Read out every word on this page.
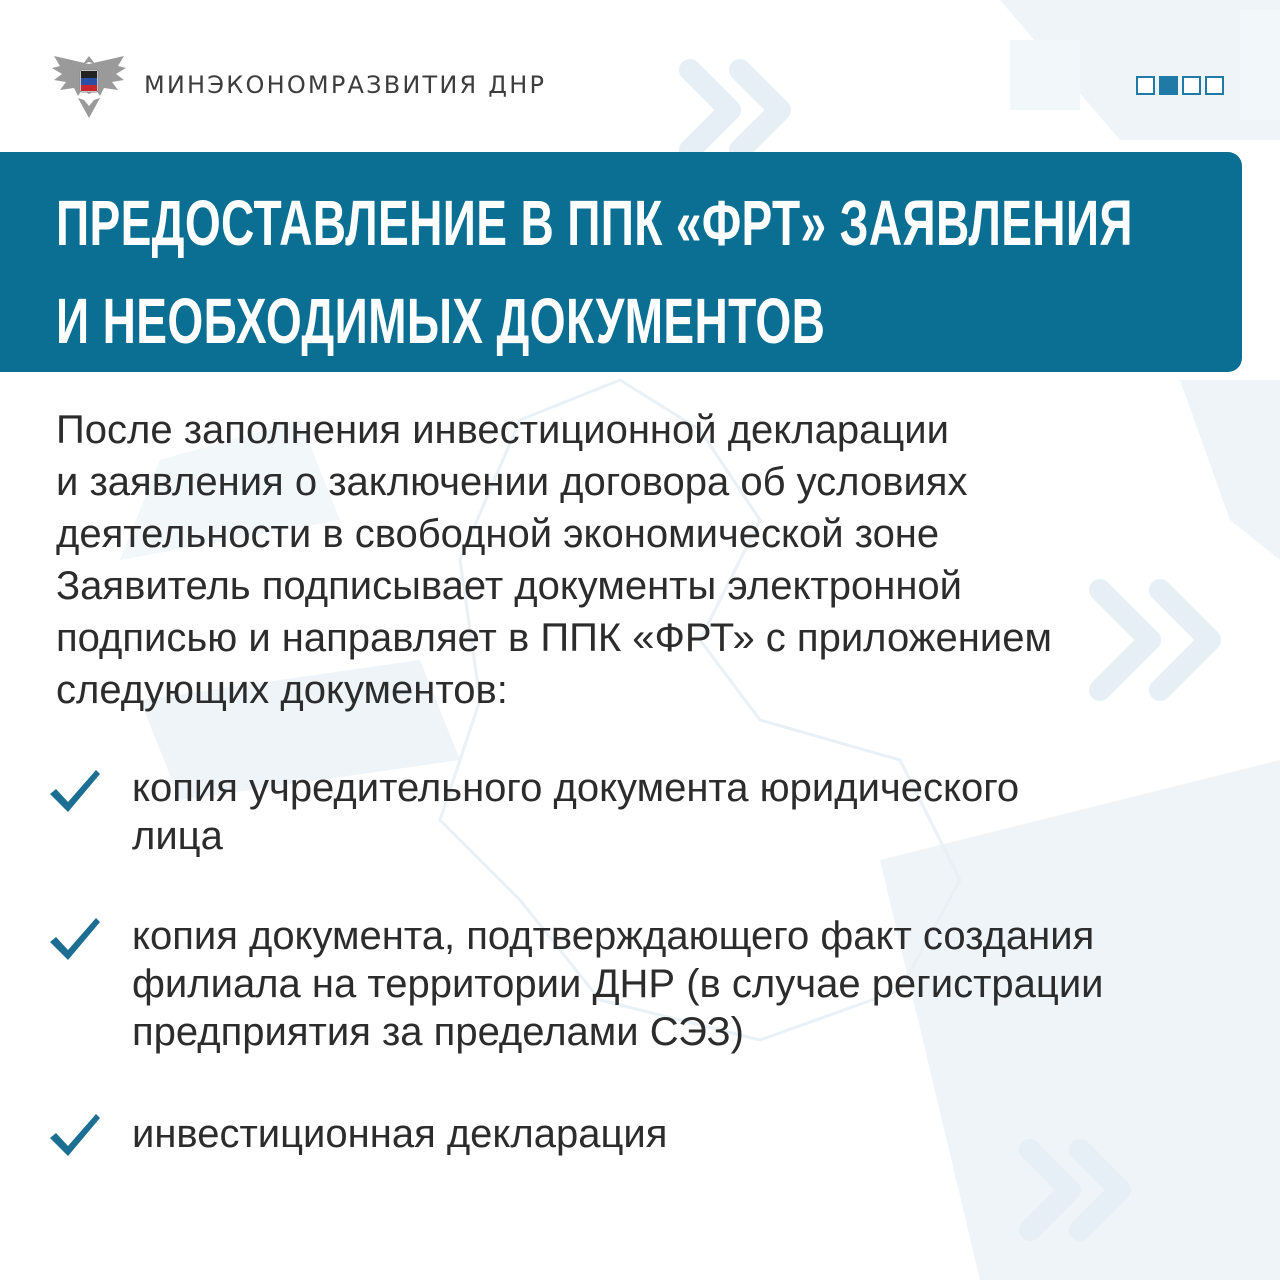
МИНЭКОНОМРАЗВИТИЯ ДНР
ПРЕДОСТАВЛЕНИЕ В ППК «ФРТ» ЗАЯВЛЕНИЯ
И НЕОБХОДИМЫХ ДОКУМЕНТОВ
После заполнения инвестиционной декларации
и заявления о заключении договора об условиях
деятельности в свободной экономической зоне
Заявитель подписывает документы электронной
подписью и направляет в ППК «ФРТ» с приложением
следующих документов:
копия учредительного документа юридического
лица
копия документа, подтверждающего факт создания
филиала на территории ДНР (в случае регистрации
предприятия за пределами СЭЗ)
инвестиционная декларация
